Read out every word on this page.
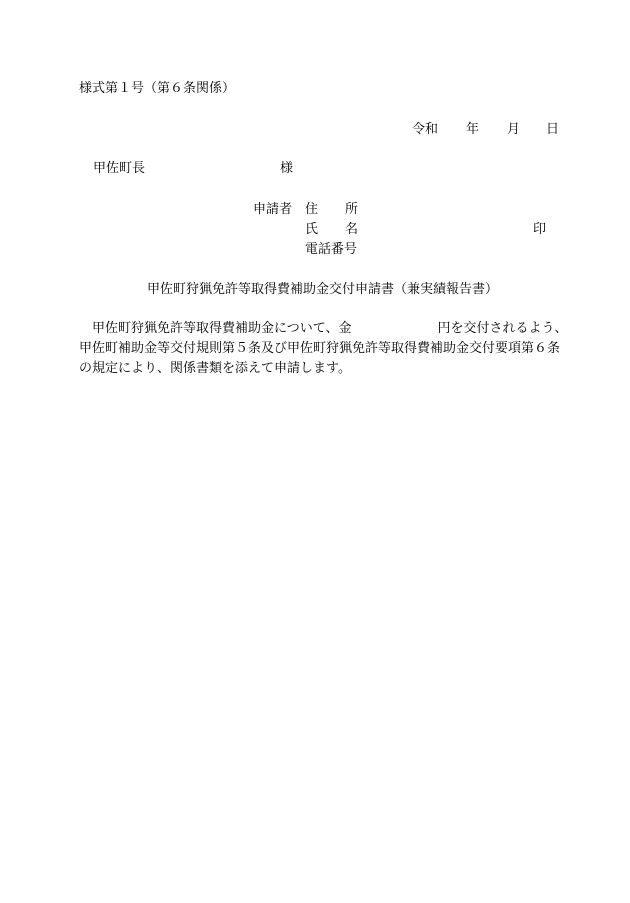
様式第１号（第６条関係）
令和 年 月 日
甲佐町長	様
申請者 住 所
氏 名	印
電話番号
甲佐町狩猟免許等取得費補助金交付申請書（兼実績報告書）
　甲佐町狩猟免許等取得費補助金について、金	円を交付されるよう、
甲佐町補助金等交付規則第５条及び甲佐町狩猟免許等取得費補助金交付要項第６条
の規定により、関係書類を添えて申請します。
